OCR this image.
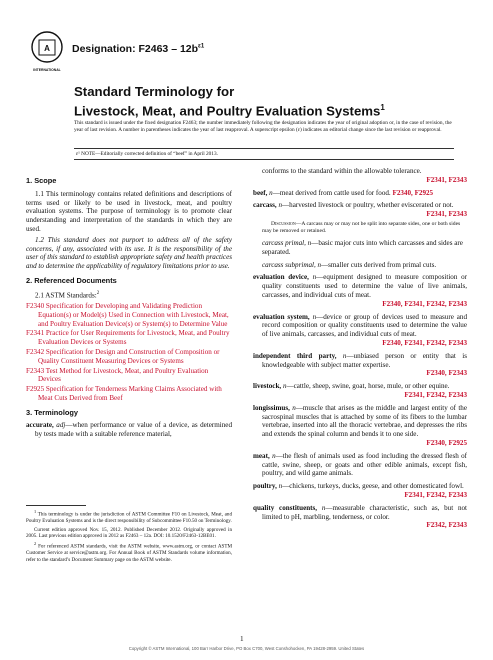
A
INTERNATIONAL
Designation: $F2463 - 12b^{\varepsilon 1}$
Standard Terminology for
Livestock, Meat, and Poultry Evaluation Systems$^1$
This standard is issued under the fixed designation F2463; the number immediately following the designation indicates the year of original adoption or, in the case of revision, the year of last revision. A number in parentheses indicates the year of last reapproval. A superscript epsilon (ε) indicates an editorial change since the last revision or reapproval.
ε¹ NOTE—Editorially corrected definition of “beef” in April 2013.
1. Scope
1.1 This terminology contains related definitions and descriptions of terms used or likely to be used in livestock, meat, and poultry evaluation systems. The purpose of terminology is to promote clear understanding and interpretation of the standards in which they are used.
1.2 This standard does not purport to address all of the safety concerns, if any, associated with its use. It is the responsibility of the user of this standard to establish appropriate safety and health practices and to determine the applicability of regulatory limitations prior to use.
2. Referenced Documents
2.1 ASTM Standards:$^2$
F2340 Specification for Developing and Validating Prediction Equation(s) or Model(s) Used in Connection with Livestock, Meat, and Poultry Evaluation Device(s) or System(s) to Determine Value
F2341 Practice for User Requirements for Livestock, Meat, and Poultry Evaluation Devices or Systems
F2342 Specification for Design and Construction of Composition or Quality Constituent Measuring Devices or Systems
F2343 Test Method for Livestock, Meat, and Poultry Evaluation Devices
F2925 Specification for Tenderness Marking Claims Associated with Meat Cuts Derived from Beef
3. Terminology
accurate, adj—when performance or value of a device, as determined by tests made with a suitable reference material,
$^1$ This terminology is under the jurisdiction of ASTM Committee F10 on Livestock, Meat, and Poultry Evaluation Systems and is the direct responsibility of Subcommittee F10.50 on Terminology.
Current edition approved Nov. 15, 2012. Published December 2012. Originally approved in 2005. Last previous edition approved in 2012 as F2463 – 12a. DOI: 10.1520/F2463-12BE01.
$^2$ For referenced ASTM standards, visit the ASTM website, www.astm.org, or contact ASTM Customer Service at service@astm.org. For Annual Book of ASTM Standards volume information, refer to the standard’s Document Summary page on the ASTM website.
conforms to the standard within the allowable tolerance.
F2341, F2343
beef, n—meat derived from cattle used for food. F2340, F2925
carcass, n—harvested livestock or poultry, whether eviscerated or not.
F2341, F2343
Discussion—A carcass may or may not be split into separate sides, one or both sides may be removed or retained.
carcass primal, n—basic major cuts into which carcasses and sides are separated.
carcass subprimal, n—smaller cuts derived from primal cuts.
evaluation device, n—equipment designed to measure composition or quality constituents used to determine the value of live animals, carcasses, and individual cuts of meat.
F2340, F2341, F2342, F2343
evaluation system, n—device or group of devices used to measure and record composition or quality constituents used to determine the value of live animals, carcasses, and individual cuts of meat.
F2340, F2341, F2342, F2343
independent third party, n—unbiased person or entity that is knowledgeable with subject matter expertise.
F2340, F2343
livestock, n—cattle, sheep, swine, goat, horse, mule, or other equine.
F2341, F2342, F2343
longissimus, n—muscle that arises as the middle and largest entity of the sacrospinal muscles that is attached by some of its fibers to the lumbar vertebrae, inserted into all the thoracic vertebrae, and depresses the ribs and extends the spinal column and bends it to one side.
F2340, F2925
meat, n—the flesh of animals used as food including the dressed flesh of cattle, swine, sheep, or goats and other edible animals, except fish, poultry, and wild game animals.
poultry, n—chickens, turkeys, ducks, geese, and other domesticated fowl.
F2341, F2342, F2343
quality constituents, n—measurable characteristic, such as, but not limited to pH, marbling, tenderness, or color.
F2342, F2343
1
Copyright © ASTM International, 100 Barr Harbor Drive, PO Box C700, West Conshohocken, PA 19428-2959. United States
